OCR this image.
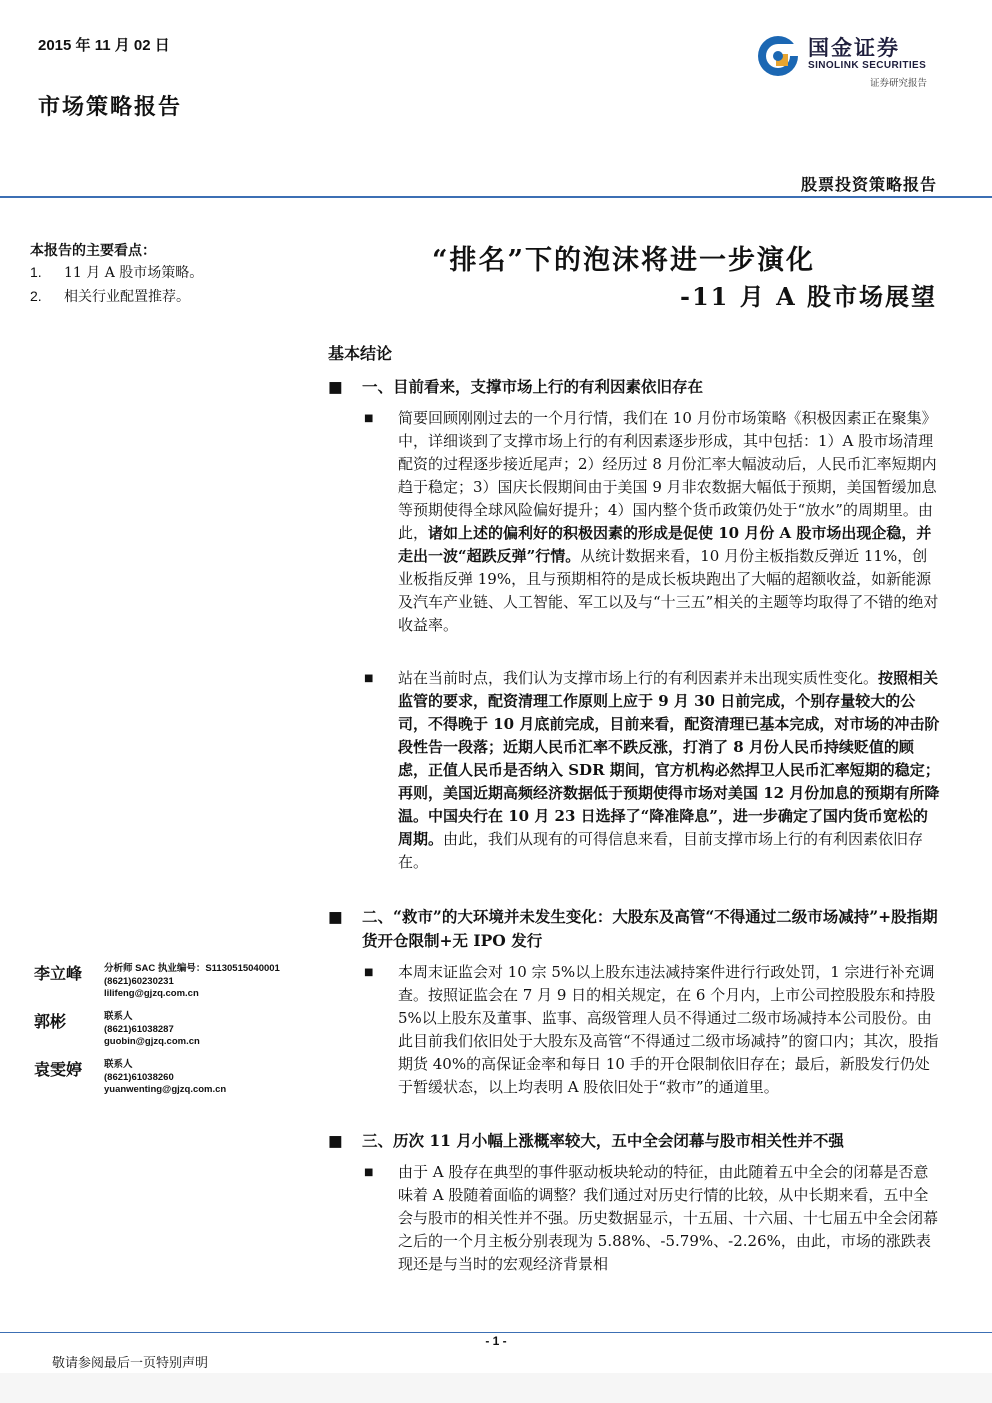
2015 年 11 月 02 日
市场策略报告
国金证券
SINOLINK SECURITIES
证券研究报告
股票投资策略报告
本报告的主要看点：
1. 11 月 A 股市场策略。
2. 相关行业配置推荐。
“排名”下的泡沫将进一步演化
-11 月 A 股市场展望
基本结论
■ 一、目前看来，支撑市场上行的有利因素依旧存在
■ 简要回顾刚刚过去的一个月行情，我们在 10 月份市场策略《积极因素正在聚集》中，详细谈到了支撑市场上行的有利因素逐步形成，其中包括：1）A 股市场清理配资的过程逐步接近尾声；2）经历过 8 月份汇率大幅波动后，人民币汇率短期内趋于稳定；3）国庆长假期间由于美国 9 月非农数据大幅低于预期，美国暂缓加息等预期使得全球风险偏好提升；4）国内整个货币政策仍处于“放水”的周期里。由此，诸如上述的偏利好的积极因素的形成是促使 10 月份 A 股市场出现企稳，并走出一波“超跌反弹”行情。从统计数据来看，10 月份主板指数反弹近 11%，创业板指反弹 19%，且与预期相符的是成长板块跑出了大幅的超额收益，如新能源及汽车产业链、人工智能、军工以及与“十三五”相关的主题等均取得了不错的绝对收益率。
■ 站在当前时点，我们认为支撑市场上行的有利因素并未出现实质性变化。按照相关监管的要求，配资清理工作原则上应于 9 月 30 日前完成，个别存量较大的公司，不得晚于 10 月底前完成，目前来看，配资清理已基本完成，对市场的冲击阶段性告一段落；近期人民币汇率不跌反涨，打消了 8 月份人民币持续贬值的顾虑，正值人民币是否纳入 SDR 期间，官方机构必然捍卫人民币汇率短期的稳定；再则，美国近期高频经济数据低于预期使得市场对美国 12 月份加息的预期有所降温。中国央行在 10 月 23 日选择了“降准降息”，进一步确定了国内货币宽松的周期。由此，我们从现有的可得信息来看，目前支撑市场上行的有利因素依旧存在。
■ 二、“救市”的大环境并未发生变化：大股东及高管“不得通过二级市场减持”+股指期货开仓限制+无 IPO 发行
■ 本周末证监会对 10 宗 5%以上股东违法减持案件进行行政处罚，1 宗进行补充调查。按照证监会在 7 月 9 日的相关规定，在 6 个月内，上市公司控股股东和持股 5%以上股东及董事、监事、高级管理人员不得通过二级市场减持本公司股份。由此目前我们依旧处于大股东及高管“不得通过二级市场减持”的窗口内；其次，股指期货 40%的高保证金率和每日 10 手的开仓限制依旧存在；最后，新股发行仍处于暂缓状态，以上均表明 A 股依旧处于“救市”的通道里。
■ 三、历次 11 月小幅上涨概率较大，五中全会闭幕与股市相关性并不强
■ 由于 A 股存在典型的事件驱动板块轮动的特征，由此随着五中全会的闭幕是否意味着 A 股随着面临的调整？我们通过对历史行情的比较，从中长期来看，五中全会与股市的相关性并不强。历史数据显示，十五届、十六届、十七届五中全会闭幕之后的一个月主板分别表现为 5.88%、-5.79%、-2.26%，由此，市场的涨跌表现还是与当时的宏观经济背景相
李立峰	分析师 SAC 执业编号：S1130515040001
(8621)60230231
lilifeng@gjzq.com.cn
郭彬	联系人
(8621)61038287
guobin@gjzq.com.cn
袁雯婷	联系人
(8621)61038260
yuanwenting@gjzq.com.cn
- 1 -
敬请参阅最后一页特别声明
